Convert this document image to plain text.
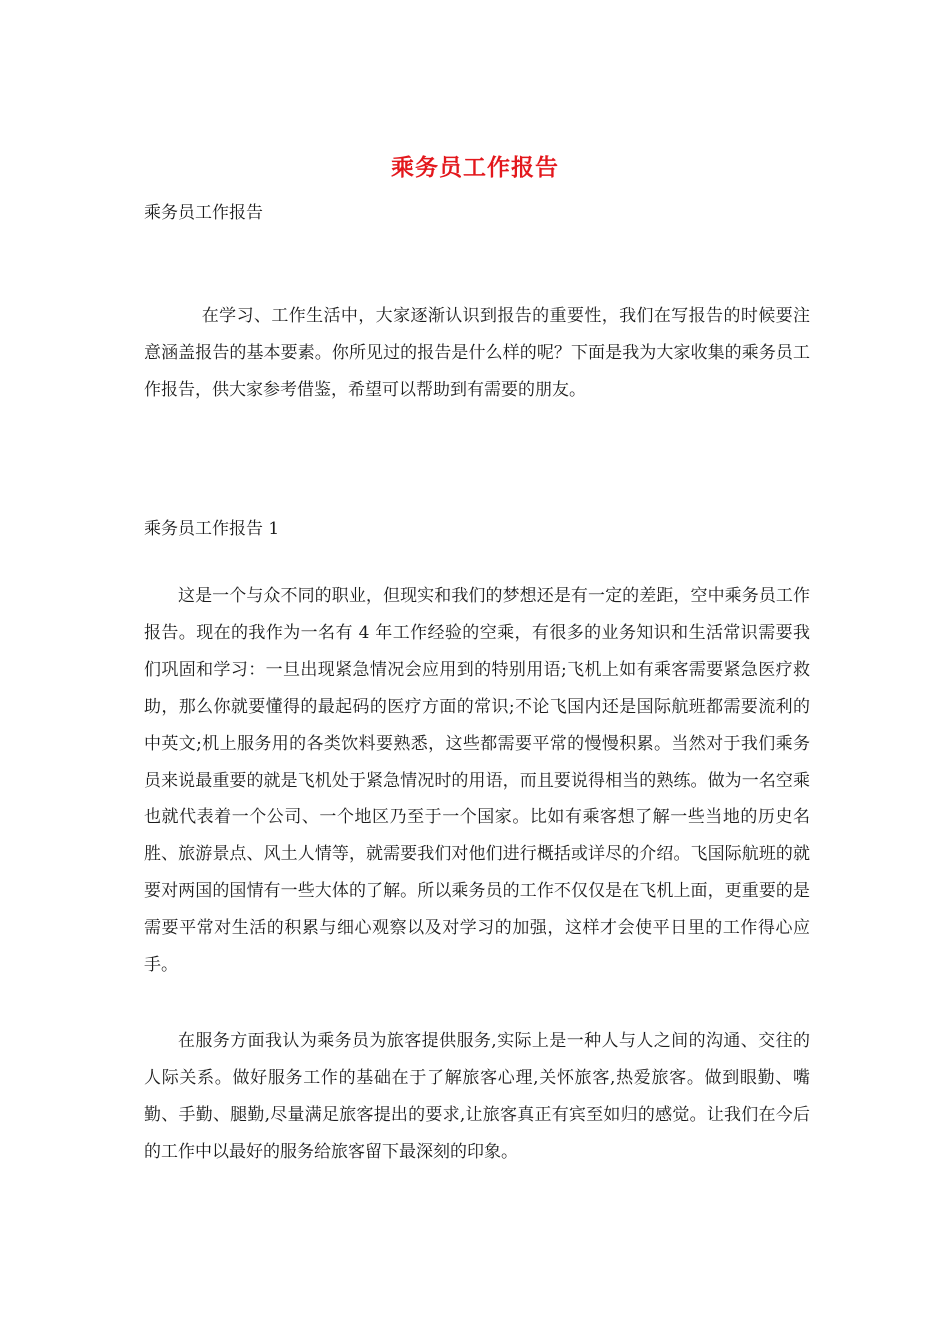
乘务员工作报告
乘务员工作报告

在学习、工作生活中，大家逐渐认识到报告的重要性，我们在写报告的时候要注意涵盖报告的基本要素。你所见过的报告是什么样的呢？下面是我为大家收集的乘务员工作报告，供大家参考借鉴，希望可以帮助到有需要的朋友。

乘务员工作报告 1

这是一个与众不同的职业，但现实和我们的梦想还是有一定的差距，空中乘务员工作报告。现在的我作为一名有 4 年工作经验的空乘，有很多的业务知识和生活常识需要我们巩固和学习：一旦出现紧急情况会应用到的特别用语;飞机上如有乘客需要紧急医疗救助，那么你就要懂得的最起码的医疗方面的常识;不论飞国内还是国际航班都需要流利的中英文;机上服务用的各类饮料要熟悉，这些都需要平常的慢慢积累。当然对于我们乘务员来说最重要的就是飞机处于紧急情况时的用语，而且要说得相当的熟练。做为一名空乘也就代表着一个公司、一个地区乃至于一个国家。比如有乘客想了解一些当地的历史名胜、旅游景点、风土人情等，就需要我们对他们进行概括或详尽的介绍。飞国际航班的就要对两国的国情有一些大体的了解。所以乘务员的工作不仅仅是在飞机上面，更重要的是需要平常对生活的积累与细心观察以及对学习的加强，这样才会使平日里的工作得心应手。

在服务方面我认为乘务员为旅客提供服务,实际上是一种人与人之间的沟通、交往的人际关系。做好服务工作的基础在于了解旅客心理,关怀旅客,热爱旅客。做到眼勤、嘴勤、手勤、腿勤,尽量满足旅客提出的要求,让旅客真正有宾至如归的感觉。让我们在今后的工作中以最好的服务给旅客留下最深刻的印象。
